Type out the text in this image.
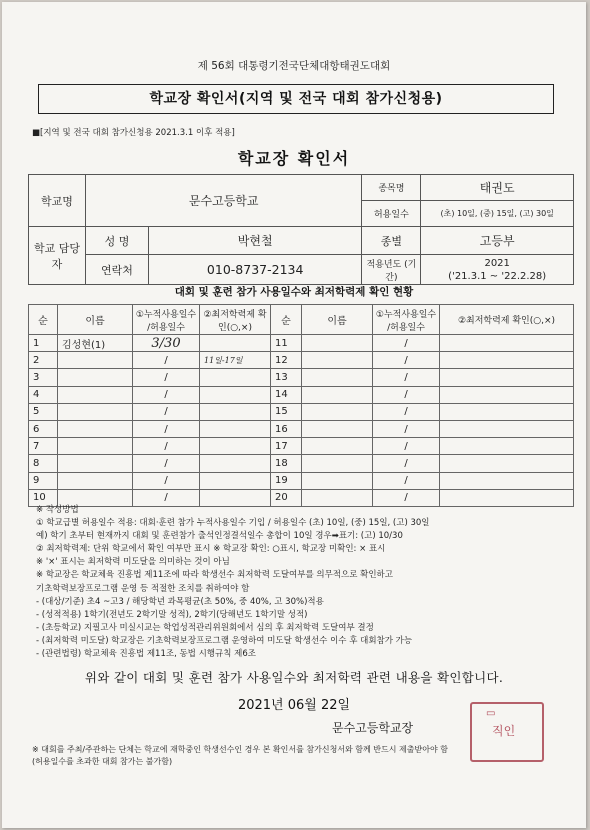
제 56회 대통령기전국단체대항태권도대회
학교장 확인서(지역 및 전국 대회 참가신청용)
■[지역 및 전국 대회 참가신청용 2021.3.1 이후 적용]
학교장 확인서
학교명	문수고등학교		종목명	태권도
			허용일수	(초) 10일, (중) 15일, (고) 30일
학교 담당자	성 명	박현철	종별	고등부
	연락처	010-8737-2134	적용년도 (기간)	2021
('21.3.1 ~ '22.2.28)
대회 및 훈련 참가 사용일수와 최저학력제 확인 현황
순	이름	①누적사용일수 /허용일수	②최저학력제 확인(○,×)	순	이름	①누적사용일수 /허용일수	②최저학력제 확인(○,×)
1	김성현(1)	3/30		11		/	
2		/	11일-17일	12		/	
3		/		13		/	
4		/		14		/	
5		/		15		/	
6		/		16		/	
7		/		17		/	
8		/		18		/	
9		/		19		/	
10		/		20		/	
※ 작성방법
① 학교급별 허용일수 적용: 대회·훈련 참가 누적사용일수 기입 / 허용일수 (초) 10일, (중) 15일, (고) 30일
예) 학기 초부터 현재까지 대회 및 훈련참가 출석인정결석일수 총합이 10일 경우➡표기: (고) 10/30
② 최저학력제: 단위 학교에서 확인 여부만 표시 ※ 학교장 확인: ○표시, 학교장 미확인: × 표시
※ '×' 표시는 최저학력 미도달을 의미하는 것이 아님
※ 학교장은 학교체육 진흥법 제11조에 따라 학생선수 최저학력 도달여부를 의무적으로 확인하고
기초학력보장프로그램 운영 등 적절한 조치를 취하여야 함
- (대상/기준) 초4 ~고3 / 해당학년 과목평균(초 50%, 중 40%, 고 30%)적용
- (성적적용) 1학기(전년도 2학기말 성적), 2학기(당해년도 1학기말 성적)
- (초등학교) 지필고사 미실시교는 학업성적관리위원회에서 심의 후 최저학력 도달여부 결정
- (최저학력 미도달) 학교장은 기초학력보장프로그램 운영하여 미도달 학생선수 이수 후 대회참가 가능
- (관련법령) 학교체육 진흥법 제11조, 동법 시행규칙 제6조
위와 같이 대회 및 훈련 참가 사용일수와 최저학력 관련 내용을 확인합니다.
2021년 06월 22일
문수고등학교장
▭
직인
※ 대회를 주최/주관하는 단체는 학교에 재학중인 학생선수인 경우 본 확인서를 참가신청서와 함께 반드시 제출받아야 함
(허용일수를 초과한 대회 참가는 불가함)
